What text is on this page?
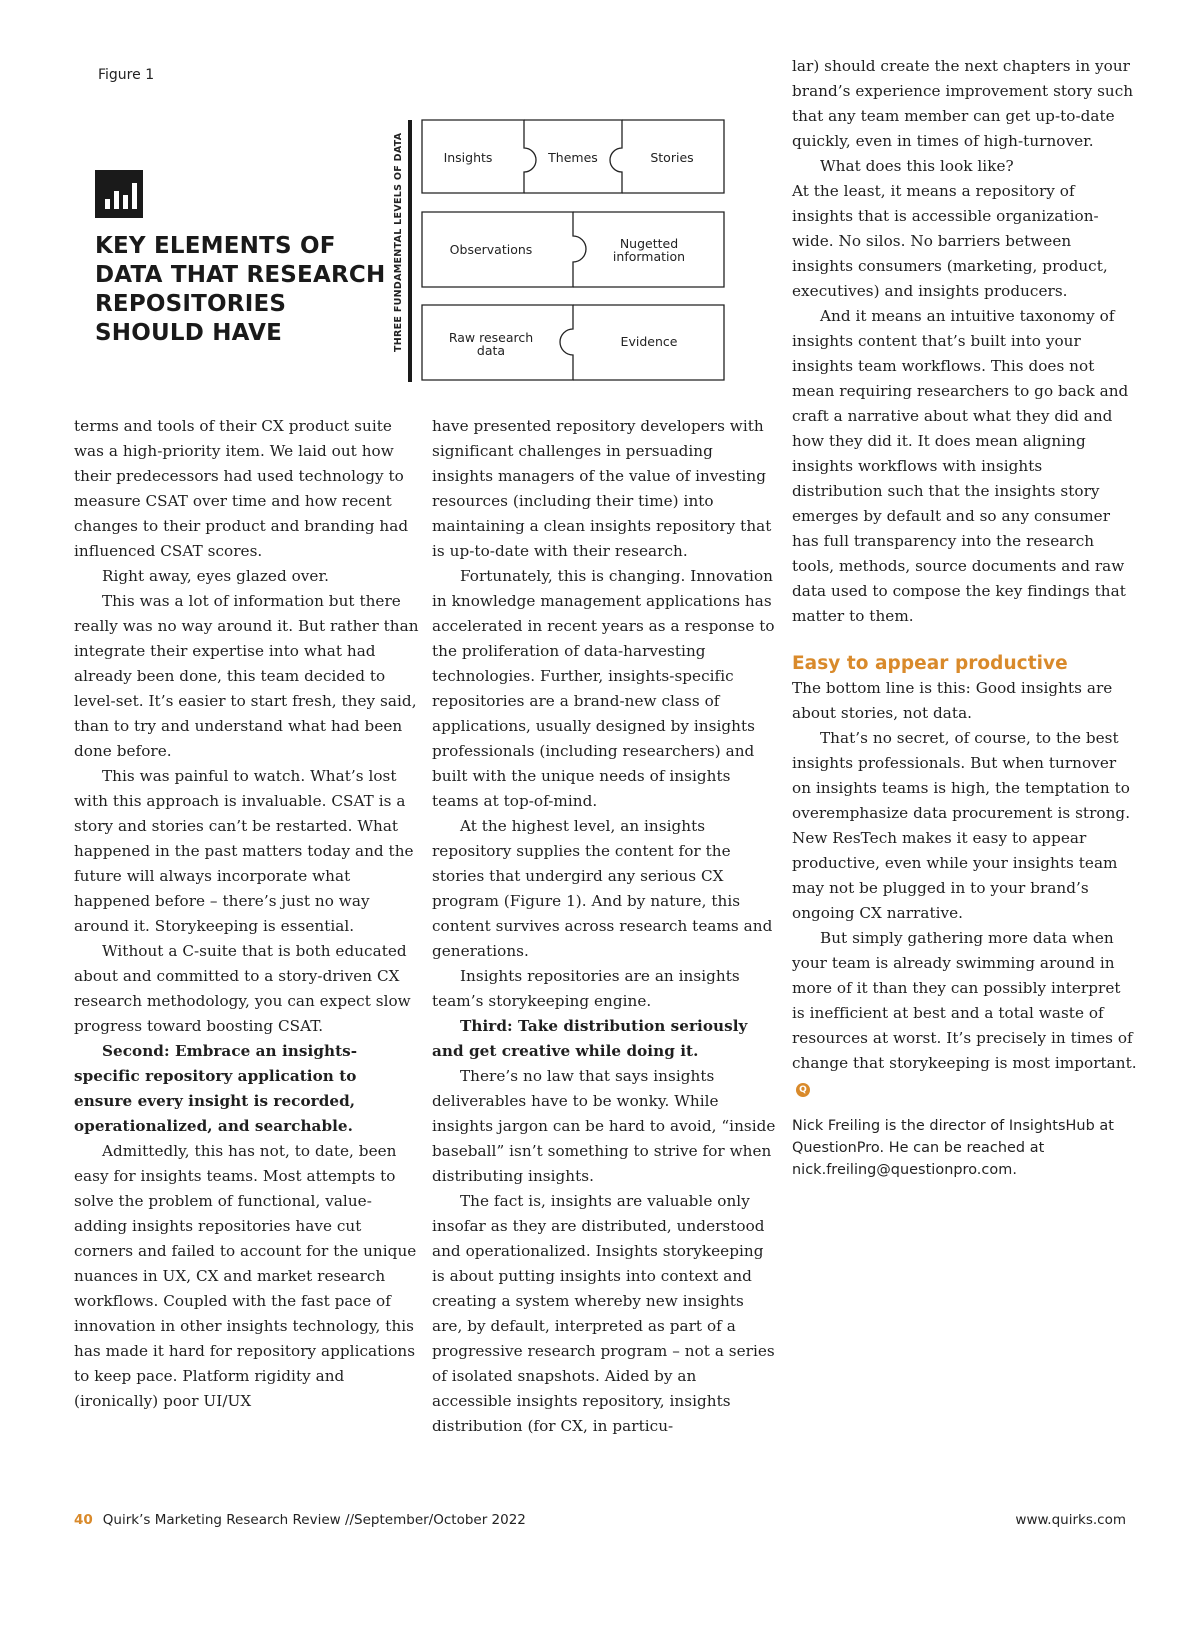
Figure 1
KEY ELEMENTS OF
DATA THAT RESEARCH
REPOSITORIES
SHOULD HAVE	THREE FUNDAMENTAL LEVELS OF DATA	Insights	Themes	Stories
Observations	Nugetted
information
Raw research
data
Evidence

terms and tools of their CX product suite was a high-priority item. We laid out how their predecessors had used technology to measure CSAT over time and how recent changes to their product and branding had influenced CSAT scores.

Right away, eyes glazed over.

This was a lot of information but there really was no way around it. But rather than integrate their expertise into what had already been done, this team decided to level-set. It’s easier to start fresh, they said, than to try and understand what had been done before.

This was painful to watch. What’s lost with this approach is invaluable. CSAT is a story and stories can’t be restarted. What happened in the past matters today and the future will always incorporate what happened before – there’s just no way around it. Storykeeping is essential.

Without a C-suite that is both educated about and committed to a story-driven CX research methodology, you can expect slow progress toward boosting CSAT.

Second: Embrace an insights-specific repository application to ensure every insight is recorded, operationalized, and searchable.

Admittedly, this has not, to date, been easy for insights teams. Most attempts to solve the problem of functional, value-adding insights repositories have cut corners and failed to account for the unique nuances in UX, CX and market research workflows. Coupled with the fast pace of innovation in other insights technology, this has made it hard for repository applications to keep pace. Platform rigidity and (ironically) poor UI/UX

have presented repository developers with significant challenges in persuading insights managers of the value of investing resources (including their time) into maintaining a clean insights repository that is up-to-date with their research.

Fortunately, this is changing. Innovation in knowledge management applications has accelerated in recent years as a response to the proliferation of data-harvesting technologies. Further, insights-specific repositories are a brand-new class of applications, usually designed by insights professionals (including researchers) and built with the unique needs of insights teams at top-of-mind.

At the highest level, an insights repository supplies the content for the stories that undergird any serious CX program (Figure 1). And by nature, this content survives across research teams and generations.

Insights repositories are an insights team’s storykeeping engine.

Third: Take distribution seriously and get creative while doing it.

There’s no law that says insights deliverables have to be wonky. While insights jargon can be hard to avoid, “inside baseball” isn’t something to strive for when distributing insights.

The fact is, insights are valuable only insofar as they are distributed, understood and operationalized. Insights storykeeping is about putting insights into context and creating a system whereby new insights are, by default, interpreted as part of a progressive research program – not a series of isolated snapshots. Aided by an accessible insights repository, insights distribution (for CX, in particu-

lar) should create the next chapters in your brand’s experience improvement story such that any team member can get up-to-date quickly, even in times of high-turnover.

What does this look like?

At the least, it means a repository of insights that is accessible organization-wide. No silos. No barriers between insights consumers (marketing, product, executives) and insights producers.

And it means an intuitive taxonomy of insights content that’s built into your insights team workflows. This does not mean requiring researchers to go back and craft a narrative about what they did and how they did it. It does mean aligning insights workflows with insights distribution such that the insights story emerges by default and so any consumer has full transparency into the research tools, methods, source documents and raw data used to compose the key findings that matter to them.

Easy to appear productive

The bottom line is this: Good insights are about stories, not data.

That’s no secret, of course, to the best insights professionals. But when turnover on insights teams is high, the temptation to overemphasize data procurement is strong. New ResTech makes it easy to appear productive, even while your insights team may not be plugged in to your brand’s ongoing CX narrative.

But simply gathering more data when your team is already swimming around in more of it than they can possibly interpret is inefficient at best and a total waste of resources at worst. It’s precisely in times of change that storykeeping is most important.Q

Nick Freiling is the director of InsightsHub at QuestionPro. He can be reached at nick.freiling@questionpro.com.
40 Quirk’s Marketing Research Review //September/October 2022	www.quirks.com
